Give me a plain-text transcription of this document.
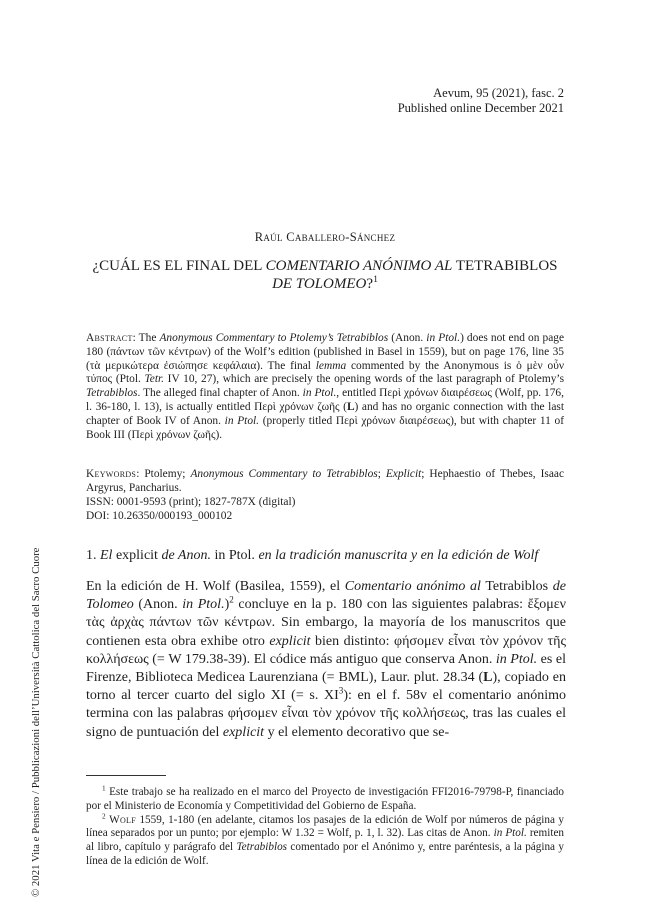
Aevum, 95 (2021), fasc. 2
Published online December 2021
Raúl Caballero-Sánchez
¿CUÁL ES EL FINAL DEL COMENTARIO ANÓNIMO AL TETRABIBLOS
DE TOLOMEO?$^1$
Abstract: The Anonymous Commentary to Ptolemy’s Tetrabiblos (Anon. in Ptol.) does not end on page 180 (πάντων τῶν κέντρων) of the Wolf’s edition (published in Basel in 1559), but on page 176, line 35 (τὰ μερικώτερα ἐσιώπησε κεφάλαια). The final lemma commented by the Anonymous is ὁ μὲν οὖν τύπος (Ptol. Tetr. IV 10, 27), which are precisely the opening words of the last paragraph of Ptolemy’s Tetrabiblos. The alleged final chapter of Anon. in Ptol., entitled Περὶ χρόνων διαιρέσεως (Wolf, pp. 176, l. 36-180, l. 13), is actually entitled Περὶ χρόνων ζωῆς (L) and has no organic connection with the last chapter of Book IV of Anon. in Ptol. (properly titled Περὶ χρόνων διαιρέσεως), but with chapter 11 of Book III (Περὶ χρόνων ζωῆς).
Keywords: Ptolemy; Anonymous Commentary to Tetrabiblos; Explicit; Hephaestio of Thebes, Isaac Argyrus, Pancharius.
ISSN: 0001-9593 (print); 1827-787X (digital)
DOI: 10.26350/000193_000102
1. El explicit de Anon. in Ptol. en la tradición manuscrita y en la edición de Wolf
En la edición de H. Wolf (Basilea, 1559), el Comentario anónimo al Tetrabiblos de Tolomeo (Anon. in Ptol.)$^2$ concluye en la p. 180 con las siguientes palabras: ἔξομεν τὰς ἀρχὰς πάντων τῶν κέντρων. Sin embargo, la mayoría de los manuscritos que contienen esta obra exhibe otro explicit bien distinto: φήσομεν εἶναι τὸν χρόνον τῆς κολλήσεως (= W 179.38-39). El códice más antiguo que conserva Anon. in Ptol. es el Firenze, Biblioteca Medicea Laurenziana (= BML), Laur. plut. 28.34 (L), copiado en torno al tercer cuarto del siglo XI (= s. $XI^3$): en el f. 58v el comentario anónimo termina con las palabras φήσομεν εἶναι τὸν χρόνον τῆς κολλήσεως, tras las cuales el signo de puntuación del explicit y el elemento decorativo que se-

$^1$ Este trabajo se ha realizado en el marco del Proyecto de investigación FFI2016-79798-P, financiado por el Ministerio de Economía y Competitividad del Gobierno de España.

$^2$ Wolf 1559, 1-180 (en adelante, citamos los pasajes de la edición de Wolf por números de página y línea separados por un punto; por ejemplo: W 1.32 = Wolf, p. 1, l. 32). Las citas de Anon. in Ptol. remiten al libro, capítulo y parágrafo del Tetrabiblos comentado por el Anónimo y, entre paréntesis, a la página y línea de la edición de Wolf.

© 2021 Vita e Pensiero / Pubblicazioni dell’Università Cattolica del Sacro Cuore
